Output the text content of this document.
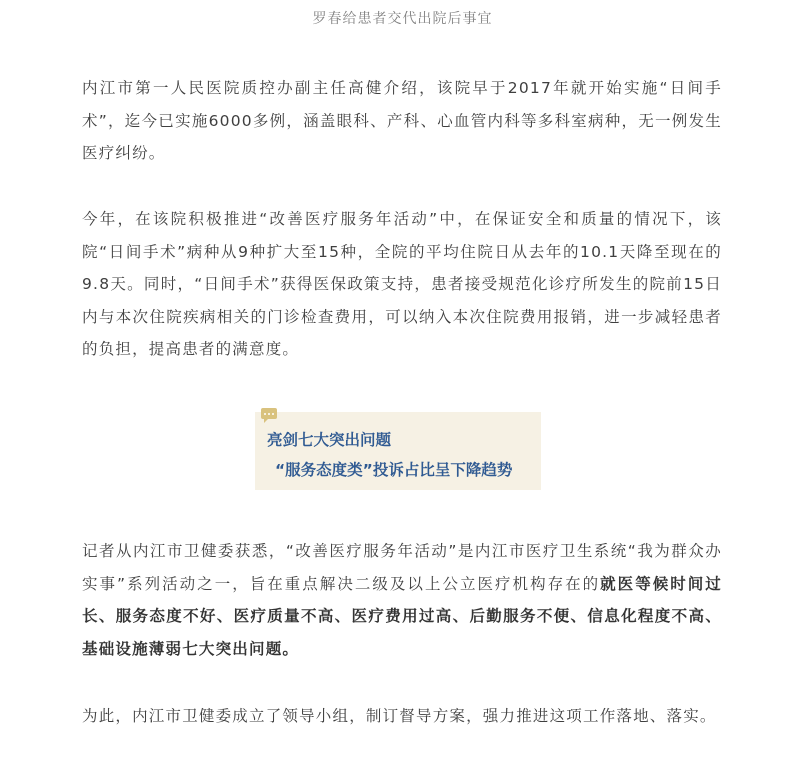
罗春给患者交代出院后事宜

内江市第一人民医院质控办副主任高健介绍，该院早于2017年就开始实施“日间手术”，迄今已实施6000多例，涵盖眼科、产科、心血管内科等多科室病种，无一例发生医疗纠纷。

今年，在该院积极推进“改善医疗服务年活动”中，在保证安全和质量的情况下，该院“日间手术”病种从9种扩大至15种，全院的平均住院日从去年的10.1天降至现在的9.8天。同时，“日间手术”获得医保政策支持，患者接受规范化诊疗所发生的院前15日内与本次住院疾病相关的门诊检查费用，可以纳入本次住院费用报销，进一步减轻患者的负担，提高患者的满意度。

亮剑七大突出问题
“服务态度类”投诉占比呈下降趋势

记者从内江市卫健委获悉，“改善医疗服务年活动”是内江市医疗卫生系统“我为群众办实事”系列活动之一，旨在重点解决二级及以上公立医疗机构存在的就医等候时间过长、服务态度不好、医疗质量不高、医疗费用过高、后勤服务不便、信息化程度不高、基础设施薄弱七大突出问题。

为此，内江市卫健委成立了领导小组，制订督导方案，强力推进这项工作落地、落实。
